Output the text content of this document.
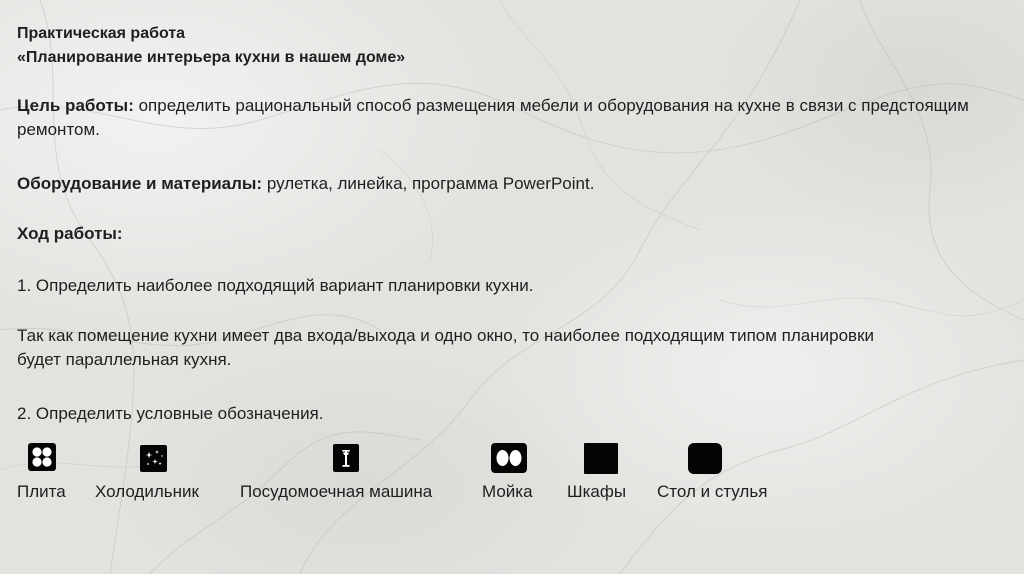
Практическая работа

«Планирование интерьера кухни в нашем доме»

Цель работы: определить рациональный способ размещения мебели и оборудования на кухне в связи с предстоящим ремонтом.

Оборудование и материалы: рулетка, линейка, программа PowerPoint.

Ход работы:

1. Определить наиболее подходящий вариант планировки кухни.

Так как помещение кухни имеет два входа/выхода и одно окно, то наиболее подходящим типом планировки будет параллельная кухня.

2. Определить условные обозначения.

Плита Холодильник Посудомоечная машина	Мойка Шкафы Стол и стулья
